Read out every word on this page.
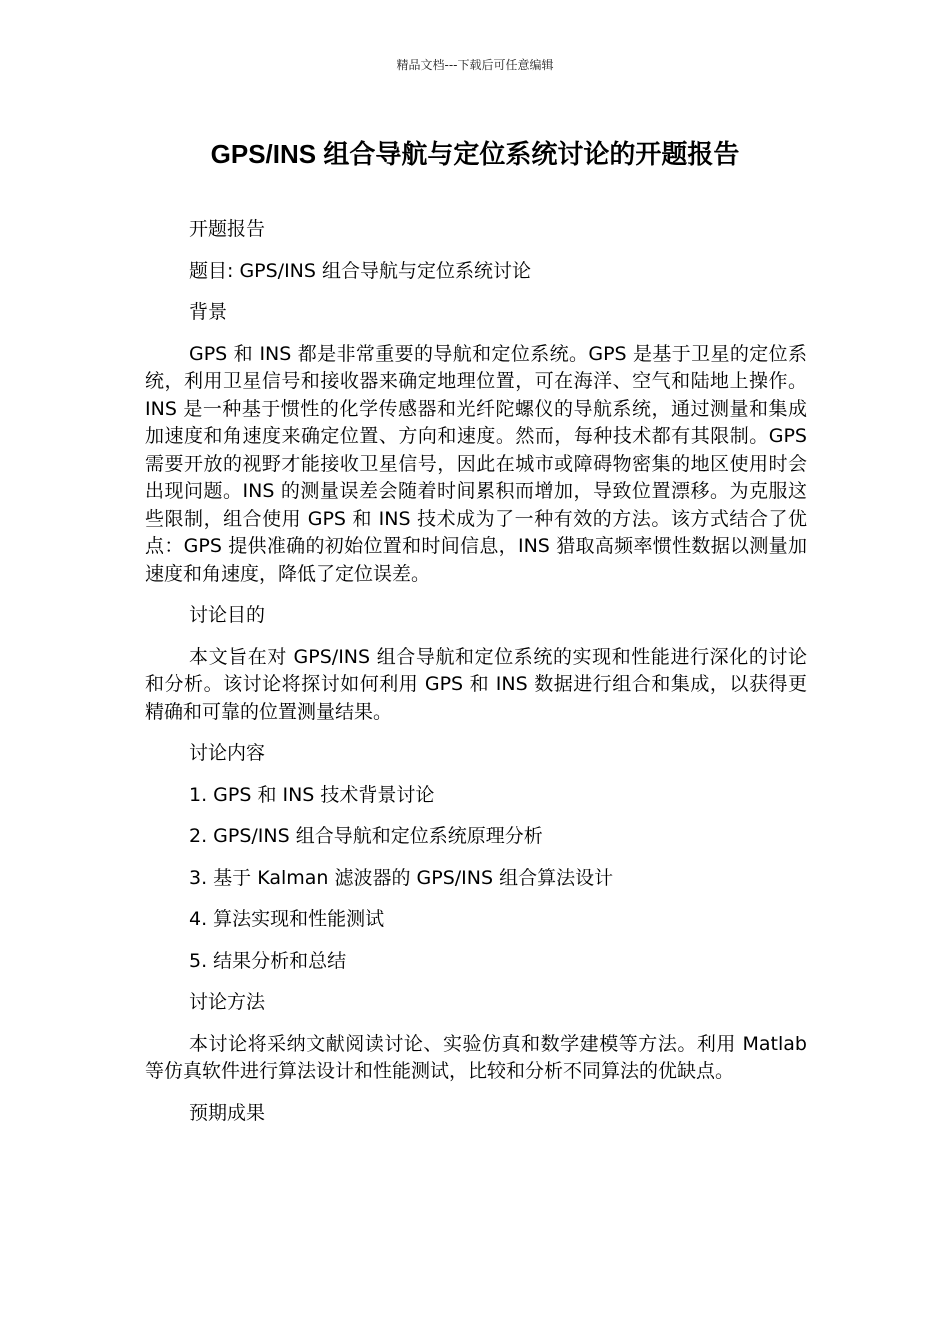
精品文档---下载后可任意编辑
GPS/INS 组合导航与定位系统讨论的开题报告

开题报告

题目: GPS/INS 组合导航与定位系统讨论

背景

GPS 和 INS 都是非常重要的导航和定位系统。GPS 是基于卫星的定位系统，利用卫星信号和接收器来确定地理位置，可在海洋、空气和陆地上操作。INS 是一种基于惯性的化学传感器和光纤陀螺仪的导航系统，通过测量和集成加速度和角速度来确定位置、方向和速度。然而，每种技术都有其限制。GPS 需要开放的视野才能接收卫星信号，因此在城市或障碍物密集的地区使用时会出现问题。INS 的测量误差会随着时间累积而增加，导致位置漂移。为克服这些限制，组合使用 GPS 和 INS 技术成为了一种有效的方法。该方式结合了优点：GPS 提供准确的初始位置和时间信息，INS 猎取高频率惯性数据以测量加速度和角速度，降低了定位误差。

讨论目的

本文旨在对 GPS/INS 组合导航和定位系统的实现和性能进行深化的讨论和分析。该讨论将探讨如何利用 GPS 和 INS 数据进行组合和集成，以获得更精确和可靠的位置测量结果。

讨论内容

1. GPS 和 INS 技术背景讨论

2. GPS/INS 组合导航和定位系统原理分析

3. 基于 Kalman 滤波器的 GPS/INS 组合算法设计

4. 算法实现和性能测试

5. 结果分析和总结

讨论方法

本讨论将采纳文献阅读讨论、实验仿真和数学建模等方法。利用 Matlab 等仿真软件进行算法设计和性能测试，比较和分析不同算法的优缺点。

预期成果
